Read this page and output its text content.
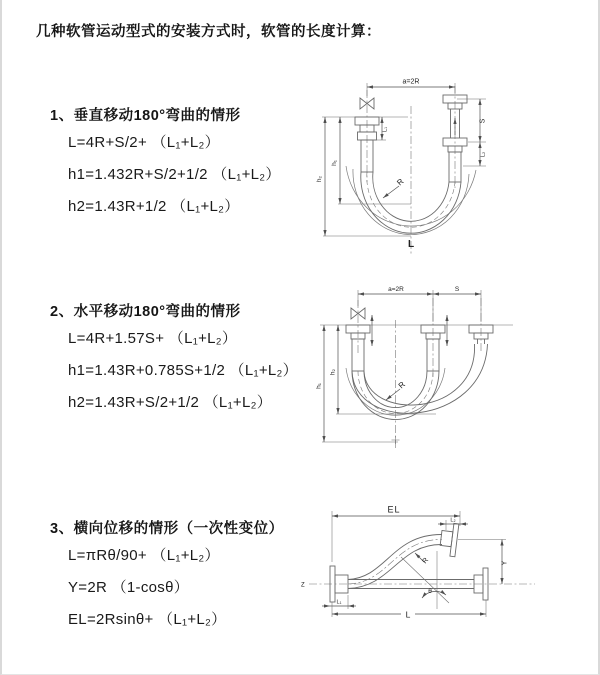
几种软管运动型式的安装方式时，软管的长度计算：
1、垂直移动180°弯曲的情形
L=4R+S/2+ （L₁+L₂）
h1=1.432R+S/2+1/2 （L₁+L₂）
h2=1.43R+1/2 （L₁+L₂）
2、水平移动180°弯曲的情形
L=4R+1.57S+ （L₁+L₂）
h1=1.43R+0.785S+1/2 （L₁+L₂）
h2=1.43R+S/2+1/2 （L₁+L₂）
3、横向位移的情形（一次性变位）
L=πRθ/90+ （L₁+L₂）
Y=2R （1-cosθ）
EL=2Rsinθ+ （L₁+L₂）
a=2R
h₁
h₂
L₁
S
L₂
R
L
a=2R	S
h₂
h₁	R
Z
θ
R
EL
L₂
Y
L₁
L
